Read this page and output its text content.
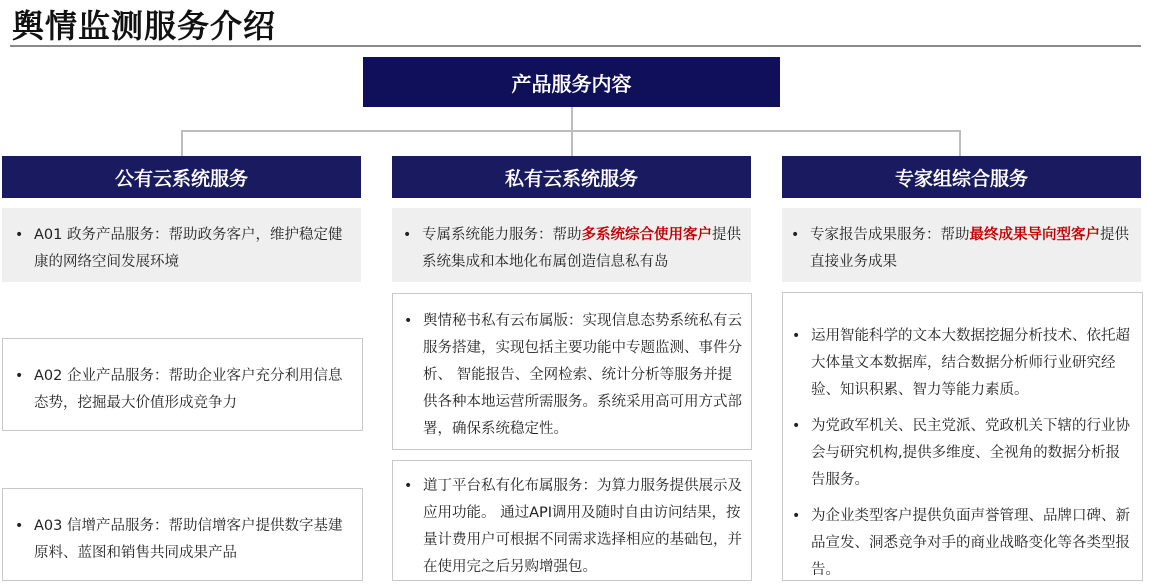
舆情监测服务介绍
产品服务内容
公有云系统服务
• A01 政务产品服务：帮助政务客户，维护稳定健康的网络空间发展环境
• A02 企业产品服务：帮助企业客户充分利用信息态势，挖掘最大价值形成竞争力
• A03 信增产品服务：帮助信增客户提供数字基建原料、蓝图和销售共同成果产品
私有云系统服务
• 专属系统能力服务：帮助多系统综合使用客户提供系统集成和本地化布属创造信息私有岛
• 舆情秘书私有云布属版：实现信息态势系统私有云服务搭建，实现包括主要功能中专题监测、事件分析、 智能报告、全网检索、统计分析等服务并提供各种本地运营所需服务。系统采用高可用方式部署，确保系统稳定性。
• 道丁平台私有化布属服务：为算力服务提供展示及应用功能。 通过API调用及随时自由访问结果，按量计费用户可根据不同需求选择相应的基础包，并在使用完之后另购增强包。
专家组综合服务
• 专家报告成果服务：帮助最终成果导向型客户提供直接业务成果
• 运用智能科学的文本大数据挖掘分析技术、依托超大体量文本数据库，结合数据分析师行业研究经验、知识积累、智力等能力素质。
• 为党政军机关、民主党派、党政机关下辖的行业协会与研究机构,提供多维度、全视角的数据分析报告服务。
• 为企业类型客户提供负面声誉管理、品牌口碑、新品宣发、洞悉竞争对手的商业战略变化等各类型报告。
